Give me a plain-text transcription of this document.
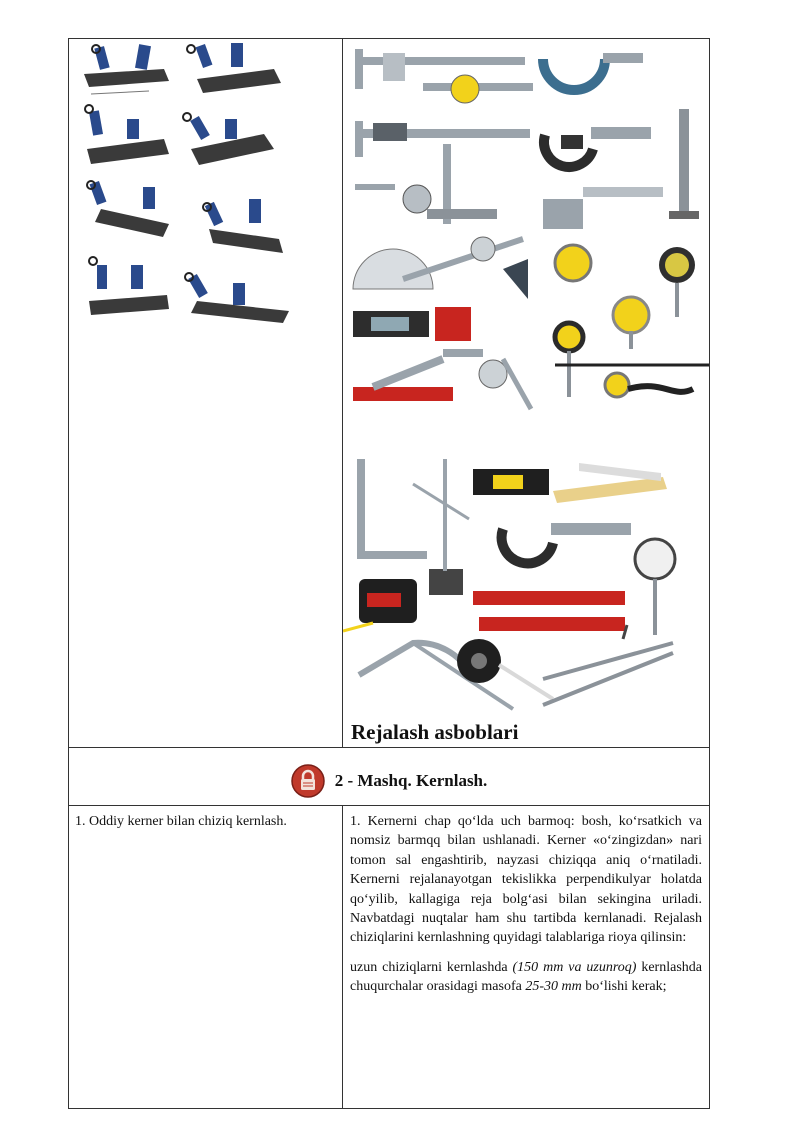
Rejalash asboblari

2 - Mashq. Kernlash.	

1. Oddiy kerner bilan chiziq kernlash.	1. Kernerni chap qo‘lda uch barmoq: bosh, ko‘rsatkich va nomsiz barmqq bilan ushlanadi. Kerner «o‘zingizdan» nari tomon sal engashtirib, nayzasi chiziqqa aniq o‘rnatiladi. Kernerni rejalanayotgan tekislikka perpendikulyar holatda qo‘yilib, kallagiga reja bolg‘asi bilan sekingina uriladi. Navbatdagi nuqtalar ham shu tartibda kernlanadi. Rejalash chiziqlarini kernlashning quyidagi talablariga rioya qilinsin:

uzun chiziqlarni kernlashda (150 mm va uzunroq) kernlashda chuqurchalar orasidagi masofa 25-30 mm bo‘lishi kerak;
